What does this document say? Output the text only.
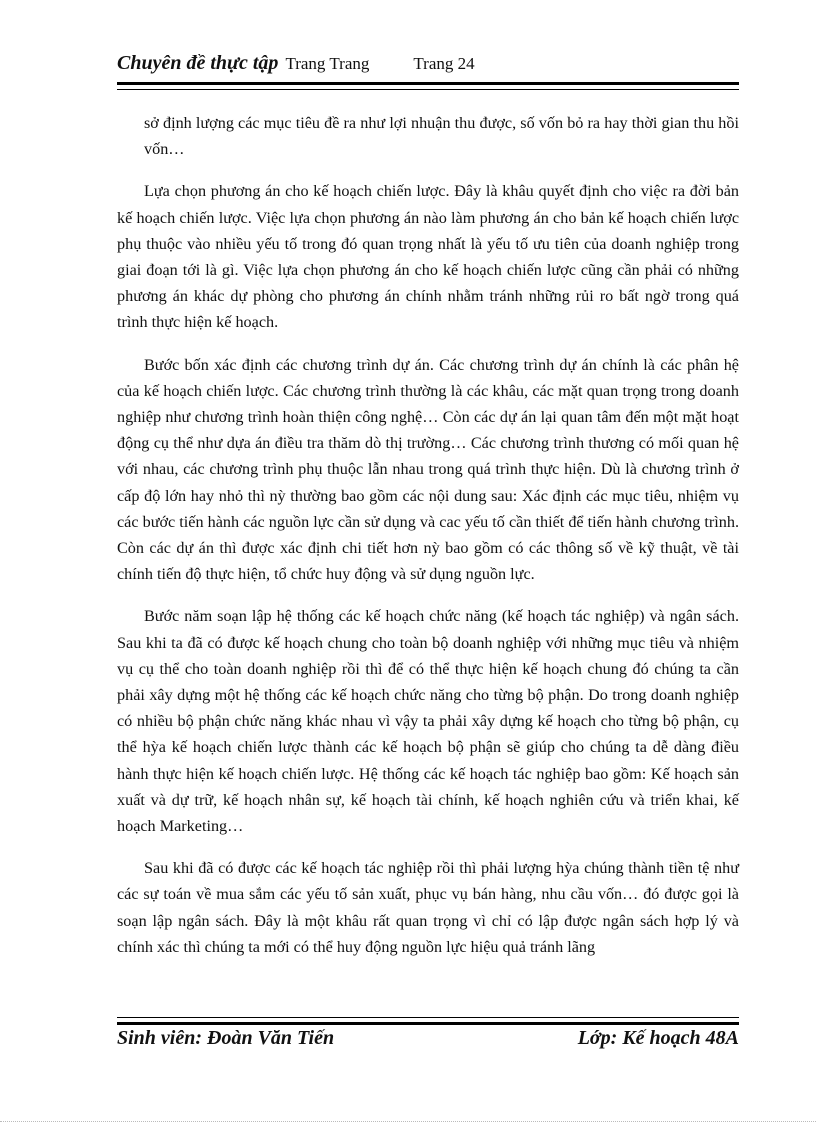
Chuyên đề thực tập Trang Trang	Trang 24

sở định lượng các mục tiêu đề ra như lợi nhuận thu được, số vốn bỏ ra hay thời gian thu hồi vốn…

Lựa chọn phương án cho kế hoạch chiến lược. Đây là khâu quyết định cho việc ra đời bản kế hoạch chiến lược. Việc lựa chọn phương án nào làm phương án cho bản kế hoạch chiến lược phụ thuộc vào nhiều yếu tố trong đó quan trọng nhất là yếu tố ưu tiên của doanh nghiệp trong giai đoạn tới là gì. Việc lựa chọn phương án cho kế hoạch chiến lược cũng cần phải có những phương án khác dự phòng cho phương án chính nhằm tránh những rủi ro bất ngờ trong quá trình thực hiện kế hoạch.

Bước bốn xác định các chương trình dự án. Các chương trình dự án chính là các phân hệ của kế hoạch chiến lược. Các chương trình thường là các khâu, các mặt quan trọng trong doanh nghiệp như chương trình hoàn thiện công nghệ… Còn các dự án lại quan tâm đến một mặt hoạt động cụ thể như dựa án điều tra thăm dò thị trường… Các chương trình thương có mối quan hệ với nhau, các chương trình phụ thuộc lẫn nhau trong quá trình thực hiện. Dù là chương trình ở cấp độ lớn hay nhỏ thì nỳ thường bao gồm các nội dung sau: Xác định các mục tiêu, nhiệm vụ các bước tiến hành các nguồn lực cần sử dụng và cac yếu tố cần thiết để tiến hành chương trình. Còn các dự án thì được xác định chi tiết hơn nỳ bao gồm có các thông số về kỹ thuật, về tài chính tiến độ thực hiện, tổ chức huy động và sử dụng nguồn lực.

Bước năm soạn lập hệ thống các kế hoạch chức năng (kế hoạch tác nghiệp) và ngân sách. Sau khi ta đã có được kế hoạch chung cho toàn bộ doanh nghiệp với những mục tiêu và nhiệm vụ cụ thể cho toàn doanh nghiệp rồi thì để có thể thực hiện kế hoạch chung đó chúng ta cần phải xây dựng một hệ thống các kế hoạch chức năng cho từng bộ phận. Do trong doanh nghiệp có nhiều bộ phận chức năng khác nhau vì vậy ta phải xây dựng kế hoạch cho từng bộ phận, cụ thể hỳa kế hoạch chiến lược thành các kế hoạch bộ phận sẽ giúp cho chúng ta dễ dàng điều hành thực hiện kế hoạch chiến lược. Hệ thống các kế hoạch tác nghiệp bao gồm: Kế hoạch sản xuất và dự trữ, kế hoạch nhân sự, kế hoạch tài chính, kế hoạch nghiên cứu và triển khai, kế hoạch Marketing…

Sau khi đã có được các kế hoạch tác nghiệp rồi thì phải lượng hỳa chúng thành tiền tệ như các sự toán về mua sắm các yếu tố sản xuất, phục vụ bán hàng, nhu cầu vốn… đó được gọi là soạn lập ngân sách. Đây là một khâu rất quan trọng vì chỉ có lập được ngân sách hợp lý và chính xác thì chúng ta mới có thể huy động nguồn lực hiệu quả tránh lãng

Sinh viên: Đoàn Văn Tiến	Lớp: Kế hoạch 48A
